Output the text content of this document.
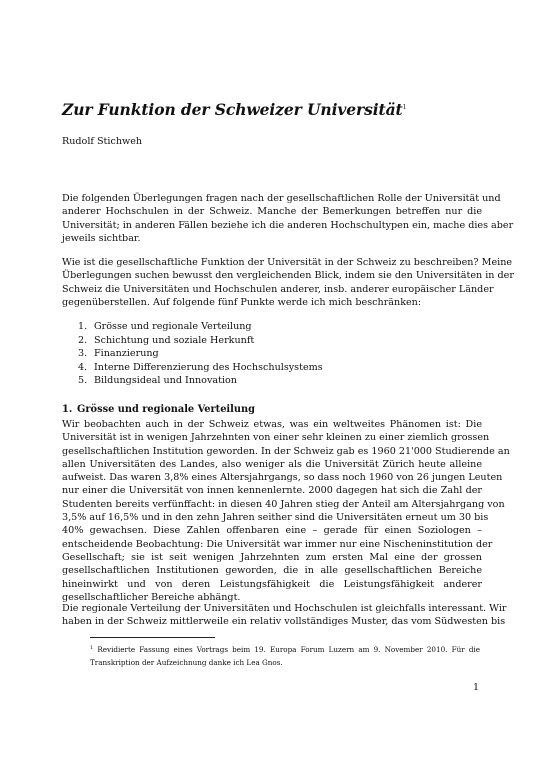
Zur Funktion der Schweizer Universität$^1$
Rudolf Stichweh
Die folgenden Überlegungen fragen nach der gesellschaftlichen Rolle der Universität und
anderer Hochschulen in der Schweiz. Manche der Bemerkungen betreffen nur die
Universität; in anderen Fällen beziehe ich die anderen Hochschultypen ein, mache dies aber
jeweils sichtbar.
Wie ist die gesellschaftliche Funktion der Universität in der Schweiz zu beschreiben? Meine
Überlegungen suchen bewusst den vergleichenden Blick, indem sie den Universitäten in der
Schweiz die Universitäten und Hochschulen anderer, insb. anderer europäischer Länder
gegenüberstellen. Auf folgende fünf Punkte werde ich mich beschränken:
1. Grösse und regionale Verteilung
2. Schichtung und soziale Herkunft
3. Finanzierung
4. Interne Differenzierung des Hochschulsystems
5. Bildungsideal und Innovation
1. Grösse und regionale Verteilung
Wir beobachten auch in der Schweiz etwas, was ein weltweites Phänomen ist: Die
Universität ist in wenigen Jahrzehnten von einer sehr kleinen zu einer ziemlich grossen
gesellschaftlichen Institution geworden. In der Schweiz gab es 1960 21'000 Studierende an
allen Universitäten des Landes, also weniger als die Universität Zürich heute alleine
aufweist. Das waren 3,8% eines Altersjahrgangs, so dass noch 1960 von 26 jungen Leuten
nur einer die Universität von innen kennenlernte. 2000 dagegen hat sich die Zahl der
Studenten bereits verfünffacht: in diesen 40 Jahren stieg der Anteil am Altersjahrgang von
3,5% auf 16,5% und in den zehn Jahren seither sind die Universitäten erneut um 30 bis
40% gewachsen. Diese Zahlen offenbaren eine – gerade für einen Soziologen –
entscheidende Beobachtung: Die Universität war immer nur eine Nischeninstitution der
Gesellschaft; sie ist seit wenigen Jahrzehnten zum ersten Mal eine der grossen
gesellschaftlichen Institutionen geworden, die in alle gesellschaftlichen Bereiche
hineinwirkt und von deren Leistungsfähigkeit die Leistungsfähigkeit anderer
gesellschaftlicher Bereiche abhängt.
Die regionale Verteilung der Universitäten und Hochschulen ist gleichfalls interessant. Wir
haben in der Schweiz mittlerweile ein relativ vollständiges Muster, das vom Südwesten bis
$^1$ Revidierte Fassung eines Vortrags beim 19. Europa Forum Luzern am 9. November 2010. Für die
Transkription der Aufzeichnung danke ich Lea Gnos.
1
